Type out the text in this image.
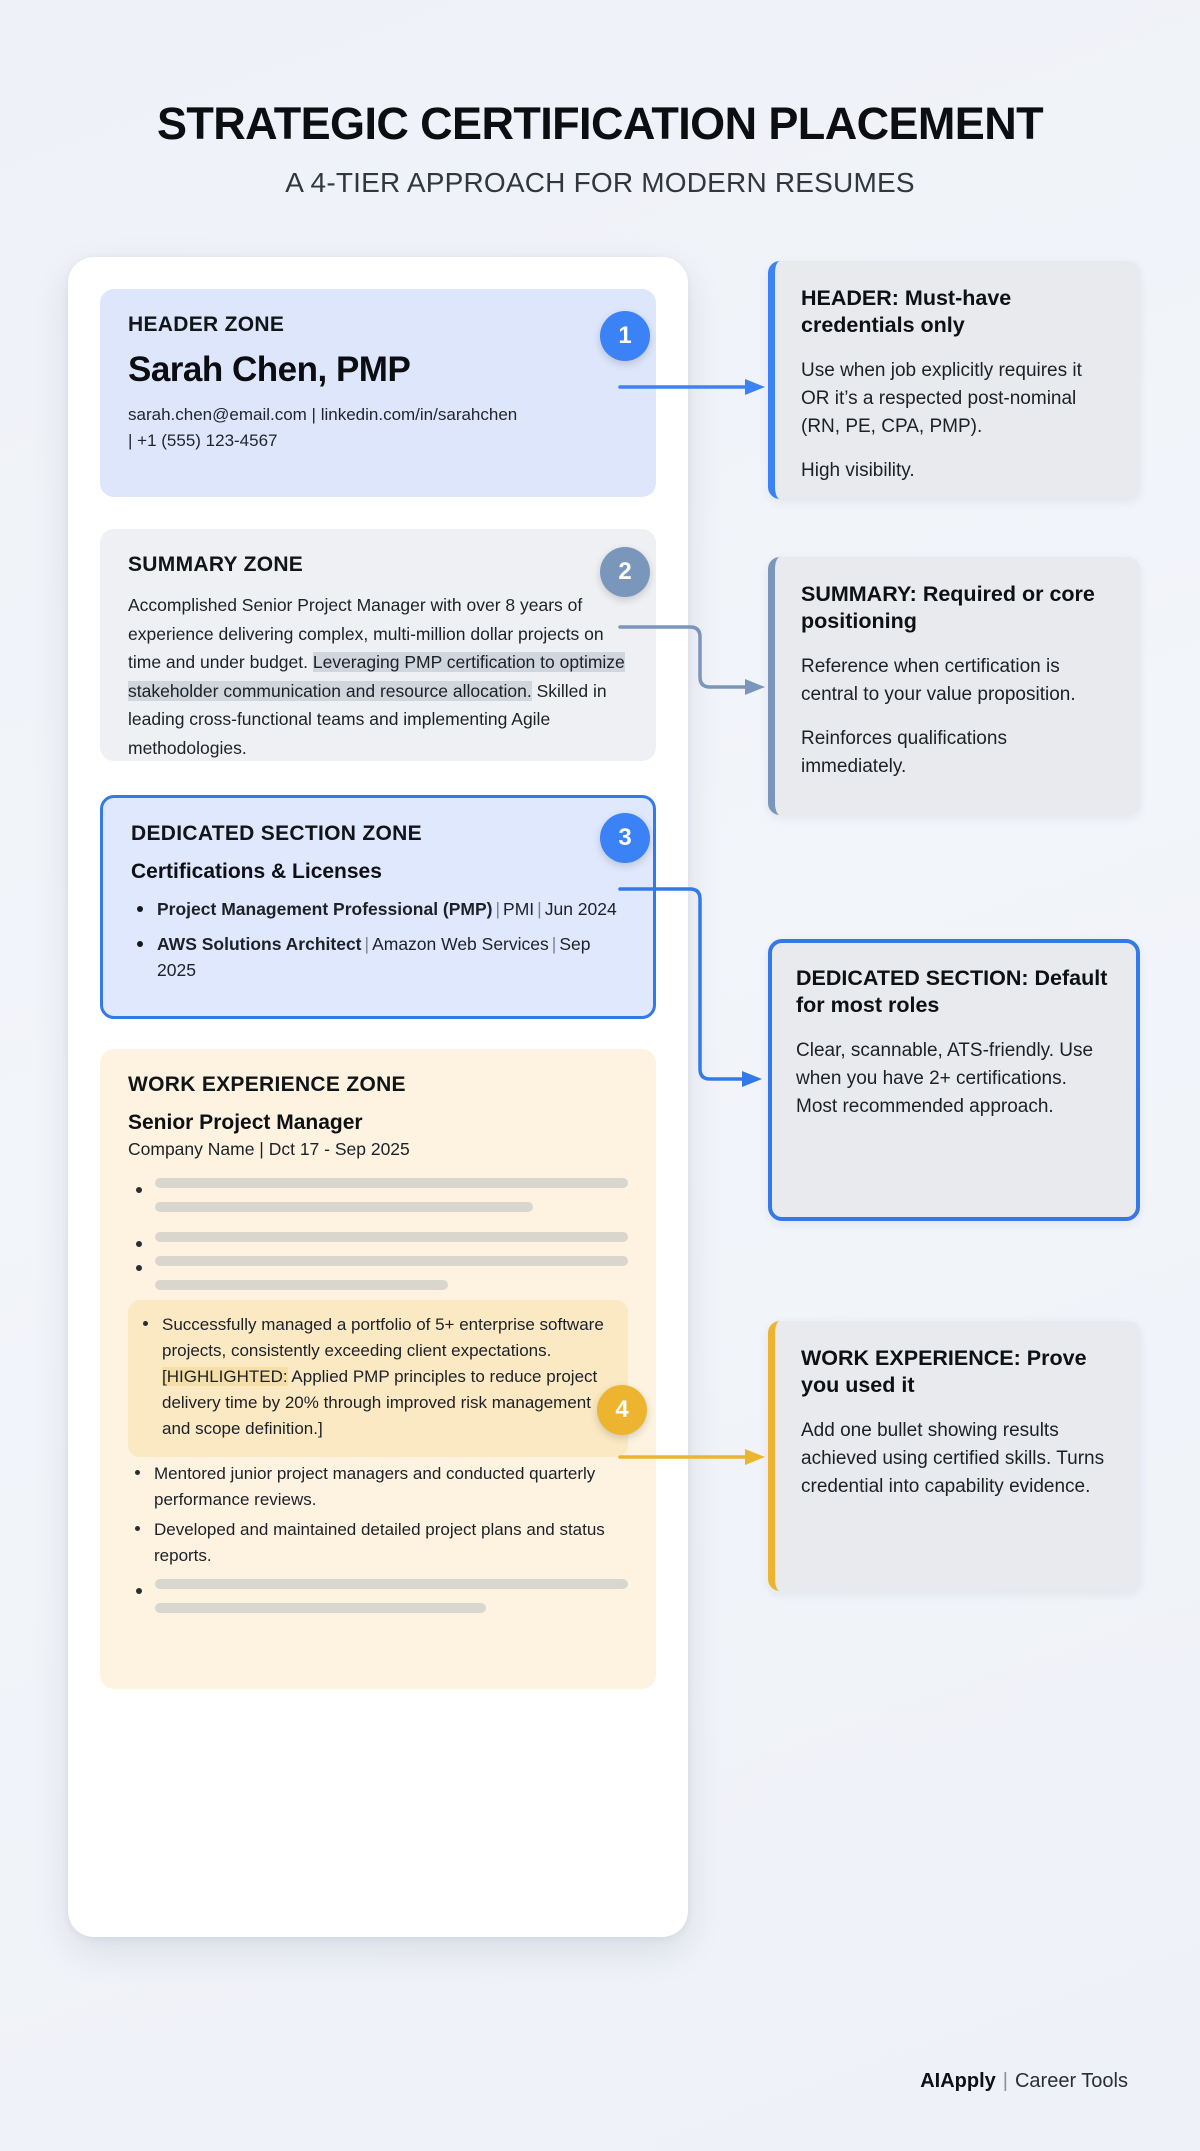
STRATEGIC CERTIFICATION PLACEMENT
A 4-TIER APPROACH FOR MODERN RESUMES
HEADER ZONE
Sarah Chen, PMP
sarah.chen@email.com | linkedin.com/in/sarahchen
| +1 (555) 123-4567
1
SUMMARY ZONE
Accomplished Senior Project Manager with over 8 years of experience delivering complex, multi-million dollar projects on time and under budget. Leveraging PMP certification to optimize stakeholder communication and resource allocation. Skilled in leading cross-functional teams and implementing Agile methodologies.
2
DEDICATED SECTION ZONE
Certifications & Licenses
Project Management Professional (PMP) | PMI | Jun 2024
AWS Solutions Architect | Amazon Web Services | Sep 2025
3
WORK EXPERIENCE ZONE
Senior Project Manager
Company Name | Dct 17 - Sep 2025
Successfully managed a portfolio of 5+ enterprise software projects, consistently exceeding client expectations. [HIGHLIGHTED: Applied PMP principles to reduce project delivery time by 20% through improved risk management and scope definition.]
Mentored junior project managers and conducted quarterly performance reviews.
Developed and maintained detailed project plans and status reports.
4
HEADER: Must-have credentials only
Use when job explicitly requires it OR it’s a respected post-nominal (RN, PE, CPA, PMP).
High visibility.
SUMMARY: Required or core positioning
Reference when certification is central to your value proposition.
Reinforces qualifications immediately.
DEDICATED SECTION: Default for most roles
Clear, scannable, ATS-friendly. Use when you have 2+ certifications. Most recommended approach.
WORK EXPERIENCE: Prove you used it
Add one bullet showing results achieved using certified skills. Turns credential into capability evidence.
AIApply | Career Tools
